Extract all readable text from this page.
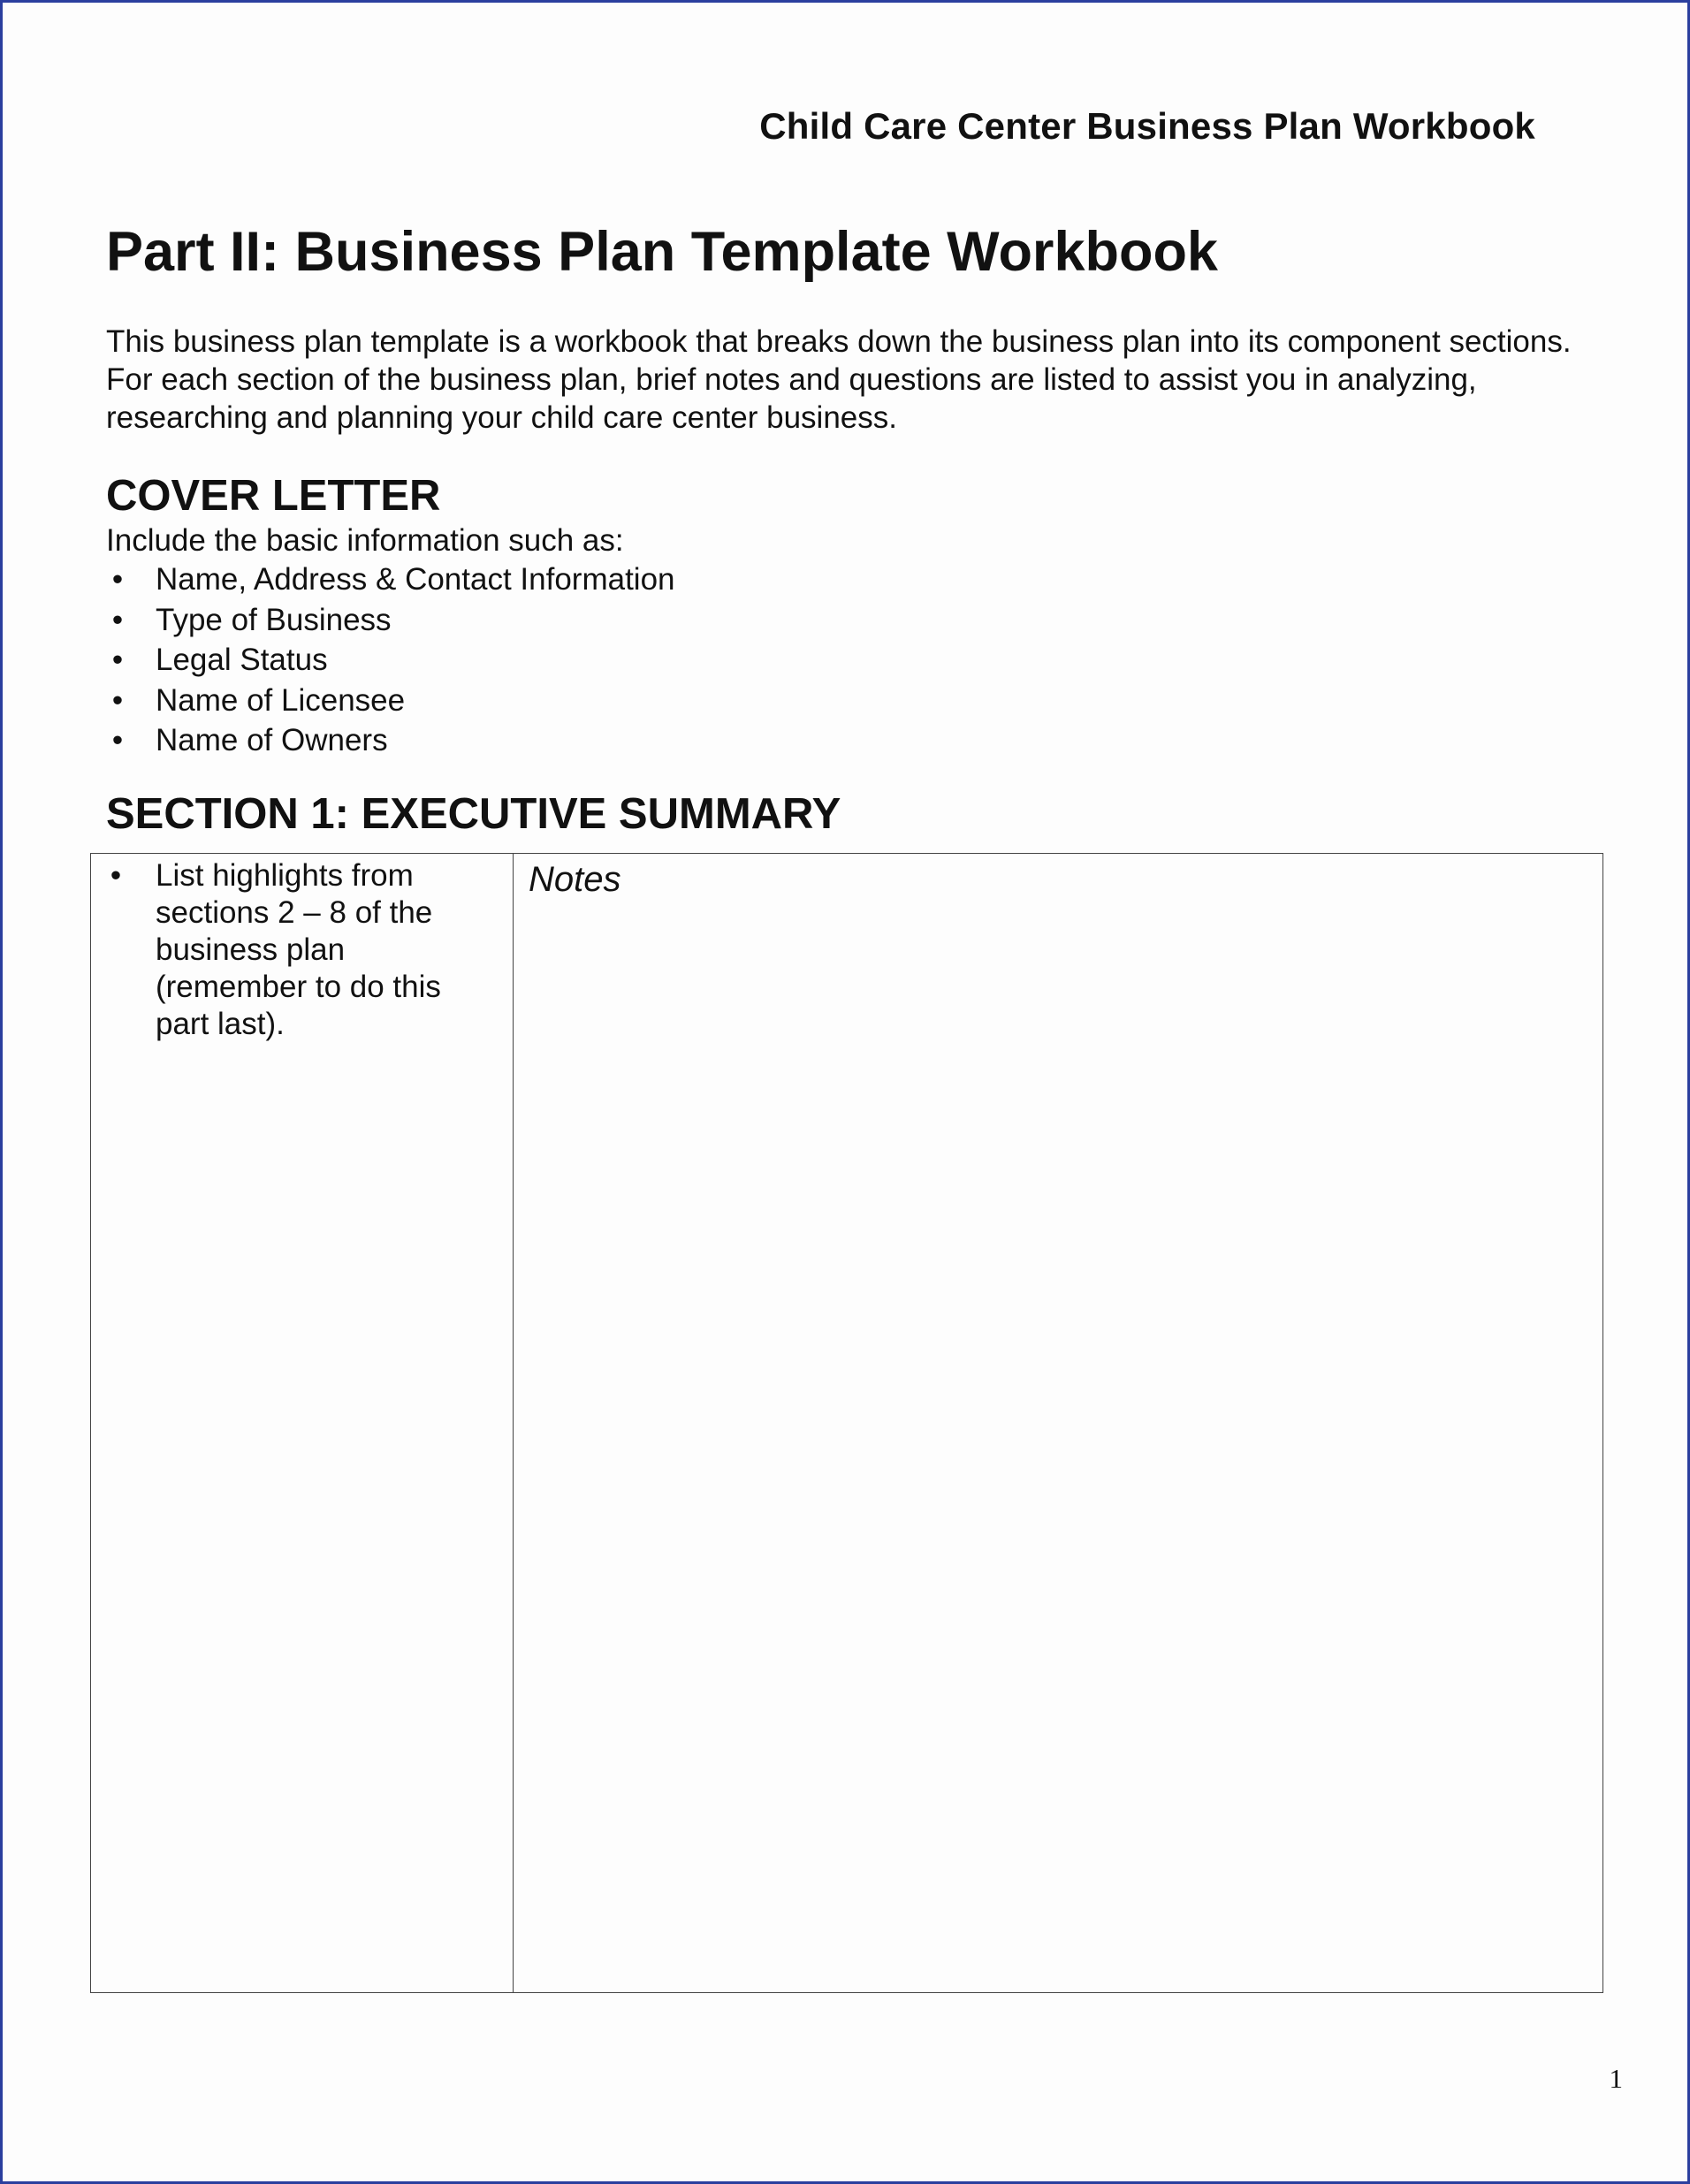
Child Care Center Business Plan Workbook
Part II: Business Plan Template Workbook

This business plan template is a workbook that breaks down the business plan into its component sections. For each section of the business plan, brief notes and questions are listed to assist you in analyzing, researching and planning your child care center business.

COVER LETTER

Include the basic information such as:

• Name, Address & Contact Information
• Type of Business
• Legal Status
• Name of Licensee
• Name of Owners
SECTION 1: EXECUTIVE SUMMARY
• List highlights from sections 2 – 8 of the business plan (remember to do this part last).
Notes
1
